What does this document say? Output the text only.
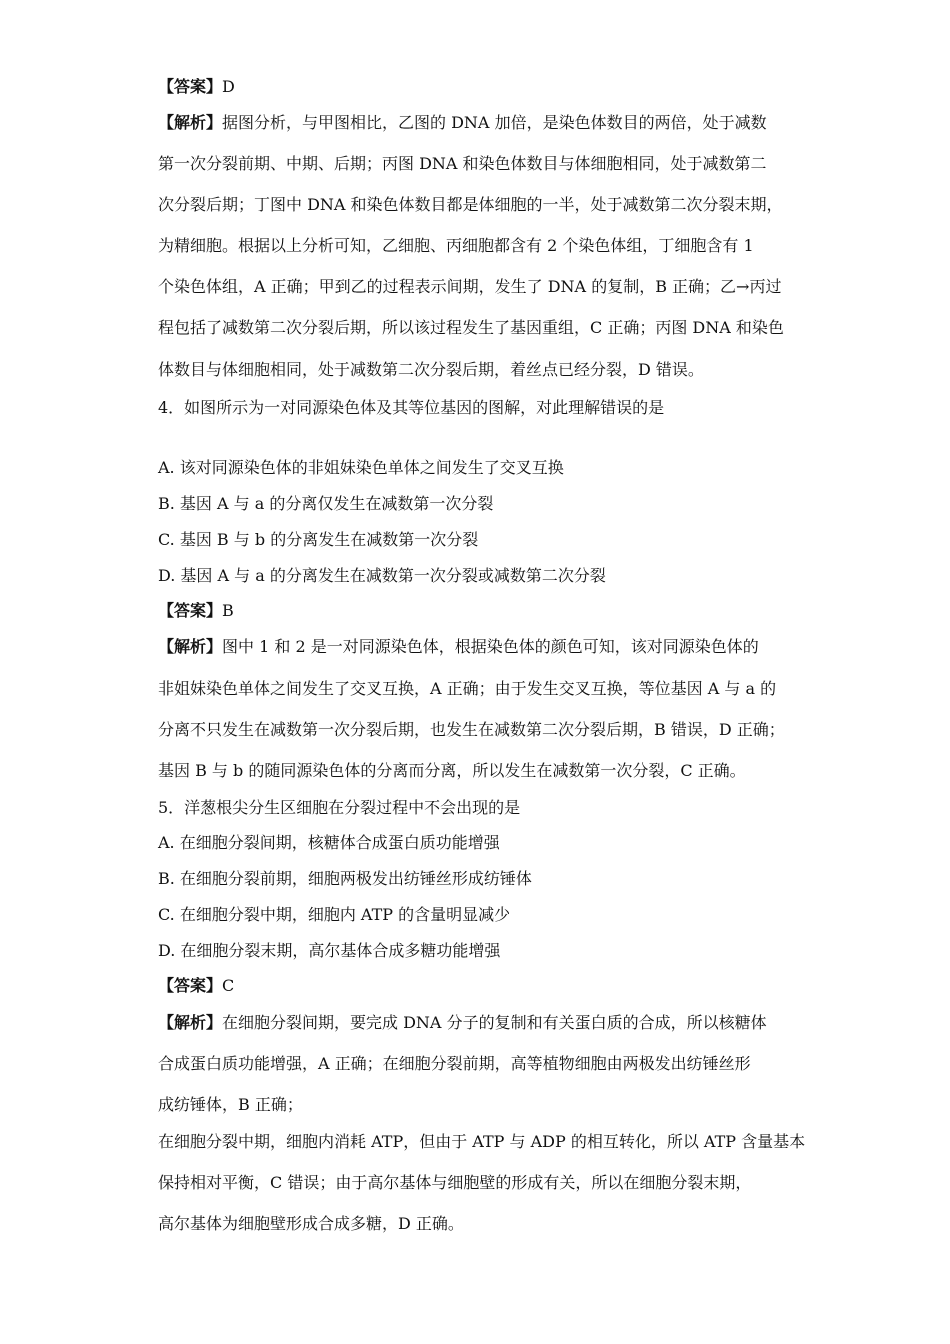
【答案】D
【解析】据图分析，与甲图相比，乙图的 DNA 加倍，是染色体数目的两倍，处于减数
第一次分裂前期、中期、后期；丙图 DNA 和染色体数目与体细胞相同，处于减数第二
次分裂后期；丁图中 DNA 和染色体数目都是体细胞的一半，处于减数第二次分裂末期，
为精细胞。根据以上分析可知，乙细胞、丙细胞都含有 2 个染色体组，丁细胞含有 1
个染色体组，A 正确；甲到乙的过程表示间期，发生了 DNA 的复制，B 正确；乙→丙过
程包括了减数第二次分裂后期，所以该过程发生了基因重组，C 正确；丙图 DNA 和染色
体数目与体细胞相同，处于减数第二次分裂后期，着丝点已经分裂，D 错误。
4．如图所示为一对同源染色体及其等位基因的图解，对此理解错误的是
A. 该对同源染色体的非姐妹染色单体之间发生了交叉互换
B. 基因 A 与 a 的分离仅发生在减数第一次分裂
C. 基因 B 与 b 的分离发生在减数第一次分裂
D. 基因 A 与 a 的分离发生在减数第一次分裂或减数第二次分裂
【答案】B
【解析】图中 1 和 2 是一对同源染色体，根据染色体的颜色可知，该对同源染色体的
非姐妹染色单体之间发生了交叉互换，A 正确；由于发生交叉互换，等位基因 A 与 a 的
分离不只发生在减数第一次分裂后期，也发生在减数第二次分裂后期，B 错误，D 正确；
基因 B 与 b 的随同源染色体的分离而分离，所以发生在减数第一次分裂，C 正确。
5．洋葱根尖分生区细胞在分裂过程中不会出现的是
A. 在细胞分裂间期，核糖体合成蛋白质功能增强
B. 在细胞分裂前期，细胞两极发出纺锤丝形成纺锤体
C. 在细胞分裂中期，细胞内 ATP 的含量明显减少
D. 在细胞分裂末期，高尔基体合成多糖功能增强
【答案】C
【解析】在细胞分裂间期，要完成 DNA 分子的复制和有关蛋白质的合成，所以核糖体
合成蛋白质功能增强，A 正确；在细胞分裂前期，高等植物细胞由两极发出纺锤丝形
成纺锤体，B 正确；
在细胞分裂中期，细胞内消耗 ATP，但由于 ATP 与 ADP 的相互转化，所以 ATP 含量基本
保持相对平衡，C 错误；由于高尔基体与细胞壁的形成有关，所以在细胞分裂末期，
高尔基体为细胞壁形成合成多糖，D 正确。
